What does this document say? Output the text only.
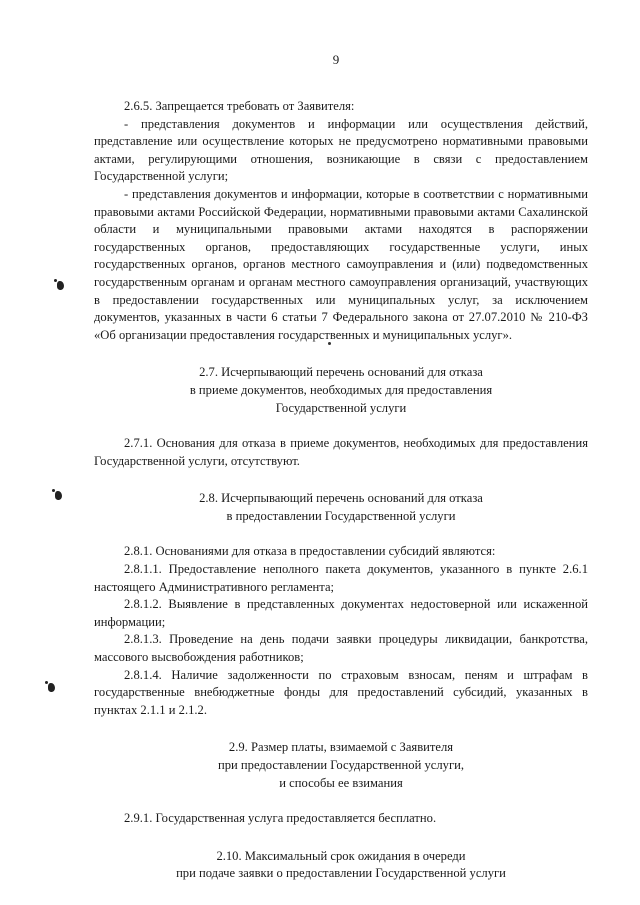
9

2.6.5. Запрещается требовать от Заявителя:

- представления документов и информации или осуществления действий, представление или осуществление которых не предусмотрено нормативными правовыми актами, регулирующими отношения, возникающие в связи с предоставлением Государственной услуги;

- представления документов и информации, которые в соответствии с нормативными правовыми актами Российской Федерации, нормативными правовыми актами Сахалинской области и муниципальными правовыми актами находятся в распоряжении государственных органов, предоставляющих государственные услуги, иных государственных органов, органов местного самоуправления и (или) подведомственных государственным органам и органам местного самоуправления организаций, участвующих в предоставлении государственных или муниципальных услуг, за исключением документов, указанных в части 6 статьи 7 Федерального закона от 27.07.2010 № 210-ФЗ «Об организации предоставления государственных и муниципальных услуг».

2.7. Исчерпывающий перечень оснований для отказа
в приеме документов, необходимых для предоставления
Государственной услуги

2.7.1. Основания для отказа в приеме документов, необходимых для предоставления Государственной услуги, отсутствуют.

2.8. Исчерпывающий перечень оснований для отказа
в предоставлении Государственной услуги

2.8.1. Основаниями для отказа в предоставлении субсидий являются:

2.8.1.1. Предоставление неполного пакета документов, указанного в пункте 2.6.1 настоящего Административного регламента;

2.8.1.2. Выявление в представленных документах недостоверной или искаженной информации;

2.8.1.3. Проведение на день подачи заявки процедуры ликвидации, банкротства, массового высвобождения работников;

2.8.1.4. Наличие задолженности по страховым взносам, пеням и штрафам в государственные внебюджетные фонды для предоставлений субсидий, указанных в пунктах 2.1.1 и 2.1.2.

2.9. Размер платы, взимаемой с Заявителя
при предоставлении Государственной услуги,
и способы ее взимания

2.9.1. Государственная услуга предоставляется бесплатно.

2.10. Максимальный срок ожидания в очереди
при подаче заявки о предоставлении Государственной услуги
